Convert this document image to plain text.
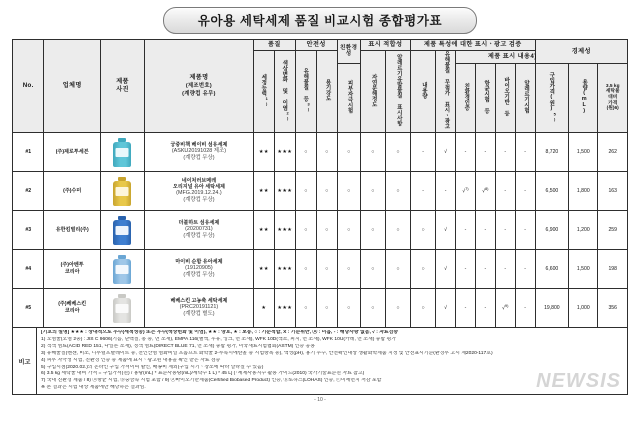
유아용 세탁세제 품질 비교시험 종합평가표
No.	업체명	제품
사진	제품명
(제조번호)
(계량컵 유무)	품질		안전성		친환경성	표시 적합성		제품 특성에 대한 표시ㆍ광고 검증						경제성		
				세정능력$^{1)}$	색상변화 및 이염$^{2)}$	유해물질 등$^{3)}$	용기강도		자연분해정도	알레르기유발물질 표시사항	내용량	유해물질 무첨가 표시ㆍ광고	제품 표시 내용4)						
								피부자극시험					친환경인증	항균시험 등	바이오기반 등	알레르기시험	구입가격(원)$^{5)}$	용량(mL)	3.5 kg
세탁물
대비
가격
(원)6)
#1	(주)제로투세븐		궁중비책 베이비 섬유세제
(ASKU20191028 제조)
(계량컵 무상)	★★	★★★	○	○	○	○	○	-	√	-	-	-	-	8,720	1,500	262
#2	(주)수미		네이처러브메레
오리지널 유아 세탁세제
(MFG.2019.12.24.)
(계량컵 무상)	★★	★★★	○	○	○	○	○	-	-	√$^{7)}$	√$^{8)}$	-	-	6,500	1,800	163
#3	유한킴벌리(주)		더블하트 섬유세제
(20200731)
(계량컵 무상)	★★	★★★	○	○	○	○	○	○	√	-	-	-	-	6,900	1,200	259
#4	(주)아벤투
코리아		마이비 순함 유아세제
(19120905)
(계량컵 무상)	★★	★★★	○	○	○	○	○	○	√	-	-	-	-	6,600	1,500	198
#5	(주)베베스킨
코리아		베베스킨 고농축 세탁세제
(PRC20191121)
(계량컵 별도)	★	★★★	○	○	○	○	○	○	√	-	-	√$^{9)}$	-	19,800	1,000	356
비고

[기호의 설명] ★★★ : 상대적으로 우수(세척성능) 또는 우수(색상변화 및 이염), ★★ : 양호, ★ : 보통, ○ : 기준적합, X : 기준위반, ⓐ : 미흡, - : 해당사항 없음, √ : 자료검증

1) 오염물(오염 2종) : JIS C 9606(기름, 단백질, 홍 등, 면 소재), EMPA 116(혈액, 우유, 잉크, 면 소재), WFK 10D(색소, 피지, 면 소재), WFK 10U(카레, 면 소재) 종합 평가

2) 적색 염료(ACID RED 151, 나일론 소재), 청색 염료(DIRECT BLUE 71, 면 소재) 종합 평가, 미국재료시험협회(ASTM) 인증 응용

3) 유해물질(벤젠, 비소, 디부틸프탈레이트 등, 전인산염 염화비닐 프롬프트 화학물 2-부톡시에탄올 등 시험항목 등), 액성(pH), 용기 누수, 안전확인대상 생활화학제품 지정 및 안전표시기준(환경부 고시 제2020-117호)

4) 피부 자극성 시험, 친환경 인증 등 제품에 표시ㆍ광고된 내용을 확인 받은 자료 검증

5) 구입시점(2020.02.)의 온라인 구입 가격이며 할인, 배송비 제외(구입 시기ㆍ장소에 따라 달라질 수 있음)

6) 3.5 kg 세탁물 대비 가격 = 구입가격(원) / 용량(mL) * 표준사용량(mL)/세탁수 1 L) * 45 L] (「세제사용지수 활용 가이드(2010) 국가기술표준원 자료 참고)

7) 국내 친환경 제품 / 8) ⓐ항균 시험, ⓑ중금속 시험 포함 / 9) ⓐ바이오기반제품(Certified Biobased Product) 인증, ⓑ로하스(LOHAS) 인증, ⓒ미세먼지 저감 포함

※ 본 결과는 시험 대상 제품에만 해당하는 결과임.	NEWSIS
- 10 -
